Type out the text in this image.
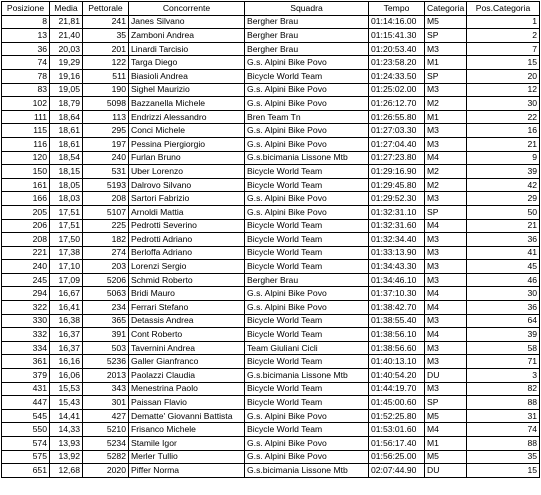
Posizione	Media	Pettorale	Concorrente	Squadra	Tempo	Categoria	Pos.Categoria
8	21,81	241	Janes Silvano	Bergher Brau	01:14:16.00	M5	1
13	21,40	35	Zamboni Andrea	Bergher Brau	01:15:41.30	SP	2
36	20,03	201	Linardi Tarcisio	Bergher Brau	01:20:53.40	M3	7
74	19,29	122	Targa Diego	G.s. Alpini Bike Povo	01:23:58.20	M1	15
78	19,16	511	Biasioli Andrea	Bicycle World Team	01:24:33.50	SP	20
83	19,05	190	Sighel Maurizio	G.s. Alpini Bike Povo	01:25:02.00	M3	12
102	18,79	5098	Bazzanella Michele	G.s. Alpini Bike Povo	01:26:12.70	M2	30
111	18,64	113	Endrizzi Alessandro	Bren Team Tn	01:26:55.80	M1	22
115	18,61	295	Conci Michele	G.s. Alpini Bike Povo	01:27:03.30	M3	16
116	18,61	197	Pessina Piergiorgio	G.s. Alpini Bike Povo	01:27:04.40	M3	21
120	18,54	240	Furlan Bruno	G.s.bicimania Lissone Mtb	01:27:23.80	M4	9
150	18,15	531	Uber Lorenzo	Bicycle World Team	01:29:16.90	M2	39
161	18,05	5193	Dalrovo Silvano	Bicycle World Team	01:29:45.80	M2	42
166	18,03	208	Sartori Fabrizio	G.s. Alpini Bike Povo	01:29:52.30	M3	29
205	17,51	5107	Arnoldi Mattia	G.s. Alpini Bike Povo	01:32:31.10	SP	50
206	17,51	225	Pedrotti Severino	Bicycle World Team	01:32:31.60	M4	21
208	17,50	182	Pedrotti Adriano	Bicycle World Team	01:32:34.40	M3	36
221	17,38	274	Berloffa Adriano	Bicycle World Team	01:33:13.90	M3	41
240	17,10	203	Lorenzi Sergio	Bicycle World Team	01:34:43.30	M3	45
245	17,09	5206	Schmid Roberto	Bergher Brau	01:34:46.10	M3	46
294	16,67	5063	Bridi Mauro	G.s. Alpini Bike Povo	01:37:10.30	M4	30
322	16,41	234	Ferrari Stefano	G.s. Alpini Bike Povo	01:38:42.70	M4	36
330	16,38	365	Detassis Andrea	Bicycle World Team	01:38:55.40	M3	64
332	16,37	391	Cont Roberto	Bicycle World Team	01:38:56.10	M4	39
334	16,37	503	Tavernini Andrea	Team Giuliani Cicli	01:38:56.60	M3	58
361	16,16	5236	Galler Gianfranco	Bicycle World Team	01:40:13.10	M3	71
379	16,06	2013	Paolazzi Claudia	G.s.bicimania Lissone Mtb	01:40:54.20	DU	3
431	15,53	343	Menestrina Paolo	Bicycle World Team	01:44:19.70	M3	82
447	15,43	301	Paissan Flavio	Bicycle World Team	01:45:00.60	SP	88
545	14,41	427	Dematte' Giovanni Battista	G.s. Alpini Bike Povo	01:52:25.80	M5	31
550	14,33	5210	Frisanco Michele	Bicycle World Team	01:53:01.60	M4	74
574	13,93	5234	Stamile Igor	G.s. Alpini Bike Povo	01:56:17.40	M1	88
575	13,92	5282	Merler Tullio	G.s. Alpini Bike Povo	01:56:25.00	M5	35
651	12,68	2020	Piffer Norma	G.s.bicimania Lissone Mtb	02:07:44.90	DU	15
